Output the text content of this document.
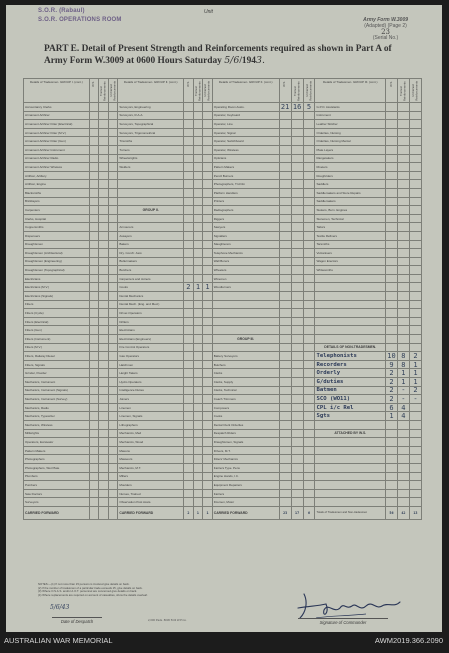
S.O.R. (Rabaul)
S.O.R. OPERATIONS ROOM
Unit
Army Form W.3009
(Adapted) (Page 2)
23
(Serial No.)
PART E. Detail of Present Strength and Reinforcements required as shown in Part A of Army Form W.3009 at 0600 Hours Saturday 5/6/1943.
Details of Tradesmen. GROUP I. (cont.)	W.S.	Trained Reinforcements	Untrained Reinforcements	Details of Tradesmen. GROUP II. (cont.)	W.S.	Trained Reinforcements	Untrained Reinforcements	Details of Tradesmen. GROUP II. (cont.)	W.S.	Trained Reinforcements	Untrained Reinforcements	Details of Tradesmen. GROUP III. (cont.)	W.S.	Trained Reinforcements	Untrained Reinforcements
Accountancy Clerks				Surveyors, Engineering				Operating Room Assts.	21	16	5	G.P.O. Assistants			
Armament Artificer				Surveyors, R.A.A.				Operator, Keyboard				Instrument			
Armament Artificer Fitter (Electrical)				Surveyors, Topographical				Operator, Line				Leather Stitcher			
Armament Artificer Fitter (M.V.)				Surveyors, Trigonometrical				Operator, Signal				Orderlies, Nursing			
Armament Artificer Fitter (Gun)				Tinsmiths				Operator, Switchboard				Orderlies, Nursing Mental			
Armament Artificer Instrument				Turners				Operator, Wireless				Plate Layers			
Armament Artificer Radio				Wheelwrights				Opticians				Rangetakers			
Armament Artificer Wireless				Welders				Pattern Makers				Riveters			
Artificer, Artillery								Pencil Burners				Roughriders			
Artificer, Engine								Photographers, Tri-Film				Saddlers			
Blacksmiths								Platform Handlers				Saddlemakers and Store Repairs			
Bricklayers								Printers				Saddlemakers			
Carpenters				GROUP II.				Radiographers				Stokers, Burn. Engines			
Clerks, Hospital								Riggers				Storemen, Technical			
Coppersmiths				Armourers				Sawyers				Tailors			
Dispensers				Assayers				Signallers				Textile Refiners			
Draughtsmen				Bakers				Slaughterers				Tarsmiths			
Draughtsmen (Architectural)				Dry. Cond'r. Asst.				Telephone Mechanics				Vulcanisers			
Draughtsmen (Engineering)				Bullermakers				Wall Borers				Wagon Erectors			
Draughtsmen (Topographical)				Butchers				Wheelers				Whitesmiths			
Electricians				Carpenters and Joiners				Winemen							
Electricians (M.V.)				Cooks	2	1	1	Woodturners							
Electricians (Signals)				Dental Mechanics											
Fitters				Dental Mech. (Eng. and Med.)											
Fitters (Cycle)				Driver-Operators											
Fitters (Electrical)				Drillers											
Fitters (Gun)				Electricians											
Fitters (Instrument)				Electricians (Engineers)				GROUP III.							
Fitters (M.V.)				Fire Control Operators								DETAILS OF NON-TRADESMEN.			
Fitters, Railway Diesel				Gas Operators				Battery Surveyors				Telephonists	10	8	2
Fitters, Signals				Hatchmen				Butchers				Recorders	9	8	1
Grinder, Powder				Height Takers				Clerks				Orderly	2	1	1
Mechanics, Instrument				Hydro Operators				Clerks, Supply				G/duties	2	1	1
Mechanics, Instrument (Signals)				Intelligence Duties				Clerks, Technical				Batmen	2	-	2
Mechanics, Instrument (Survey)				Joiners				Coach Trimmers				SCO (WO11)	2	-	-
Mechanics, Radio				Linemen				Composers				CPL i/c Rel	6	4	
Mechanics, Typewriter				Linemen, Signals				Cooks				Sgts	1	4	
Mechanics, Wireless				Lithographers				Dental Clerk Orderlies							
Millwrights				Mechanics, Med				Despatch Riders				ATTACHED BY W.S.			
Operators, Excavator				Mechanics, Wood				Draughtsmen, Signals							
Pattern Makers				Masons				Drivers, M.T.							
Photographers				Masseurs				Fitters' Mechanics							
Photographers, Wet Plate				Mechanics, M.T.				Farriers Type. Pens							
Plumbers				Millers				Engine Hands, I.C.							
Pumbers				Moulders				Equipment Repairers							
Saw Doctors				Nurses, Trained				Farriers							
Surveyors				Observation Post Assts.				Firemen, Motor							
CARRIED FORWARD				CARRIED FORWARD	2	1	1	CARRIED FORWARD	23	17	6	Totals of Tradesmen and Non-tradesmen	56	42	13
NOTES:—(1) If not more than 15 persons is involved give details on back.
(2) If the number of tradesmen of a particular trade exceeds 15, give details on back.
(3) Where O.S.A.S. and/or A.O.T. personnel are concerned give details on back.
(4) Where replacements are required on account of casualties, show the details overleaf.
5/6/43
Date of Despatch	2,000 Pads. 8036 5/43 W.P.Co.	Signature of Commander
AUSTRALIAN WAR MEMORIAL	AWM2019.366.2090
